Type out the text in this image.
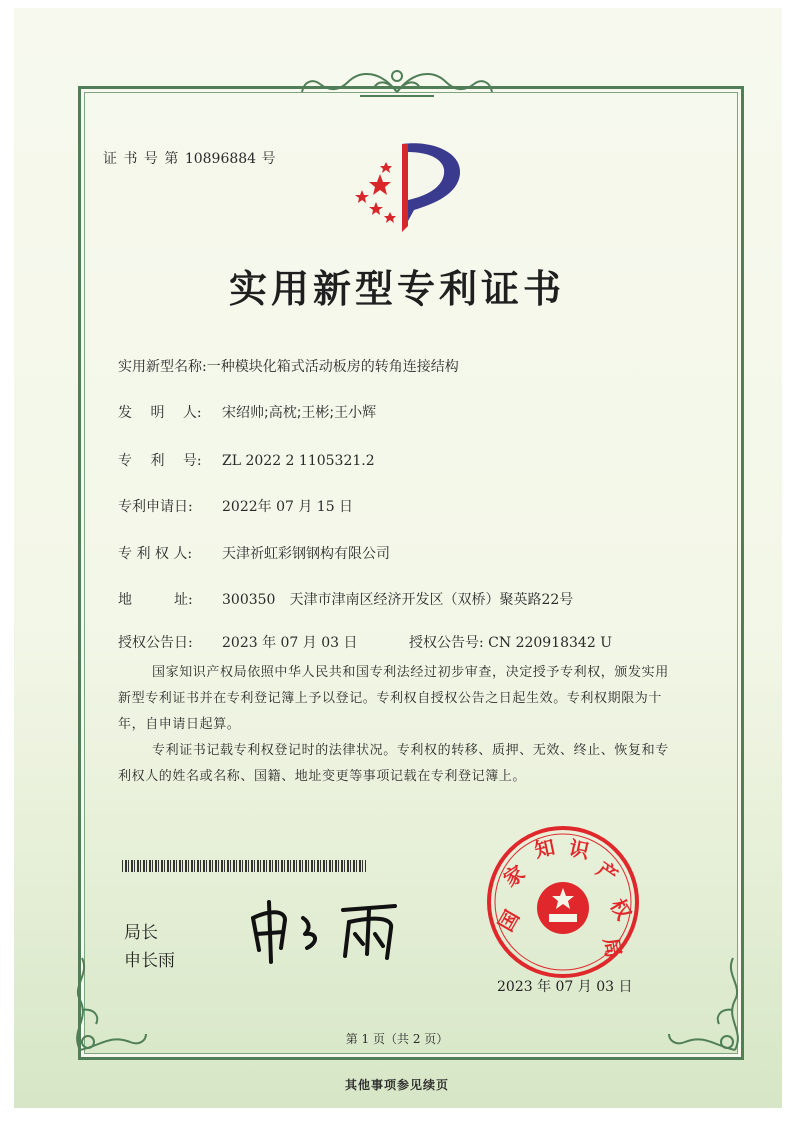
证 书 号 第 10896884 号
实用新型专利证书
实用新型名称:一种模块化箱式活动板房的转角连接结构
发　 明　 人: 宋绍帅;高枕;王彬;王小辉
专　 利　 号: ZL 2022 2 1105321.2
专利申请日: 2022年 07 月 15 日
专 利 权 人: 天津祈虹彩钢钢构有限公司
地　　　址: 300350　天津市津南区经济开发区（双桥）聚英路22号
授权公告日: 2023 年 07 月 03 日	授权公告号: CN 220918342 U
国家知识产权局依照中华人民共和国专利法经过初步审查，决定授予专利权，颁发实用新型专利证书并在专利登记簿上予以登记。专利权自授权公告之日起生效。专利权期限为十年，自申请日起算。
专利证书记载专利权登记时的法律状况。专利权的转移、质押、无效、终止、恢复和专利权人的姓名或名称、国籍、地址变更等事项记载在专利登记簿上。
局长
申长雨
国
家
知 识
产
权
局
2023 年 07 月 03 日
第 1 页（共 2 页）
其他事项参见续页
